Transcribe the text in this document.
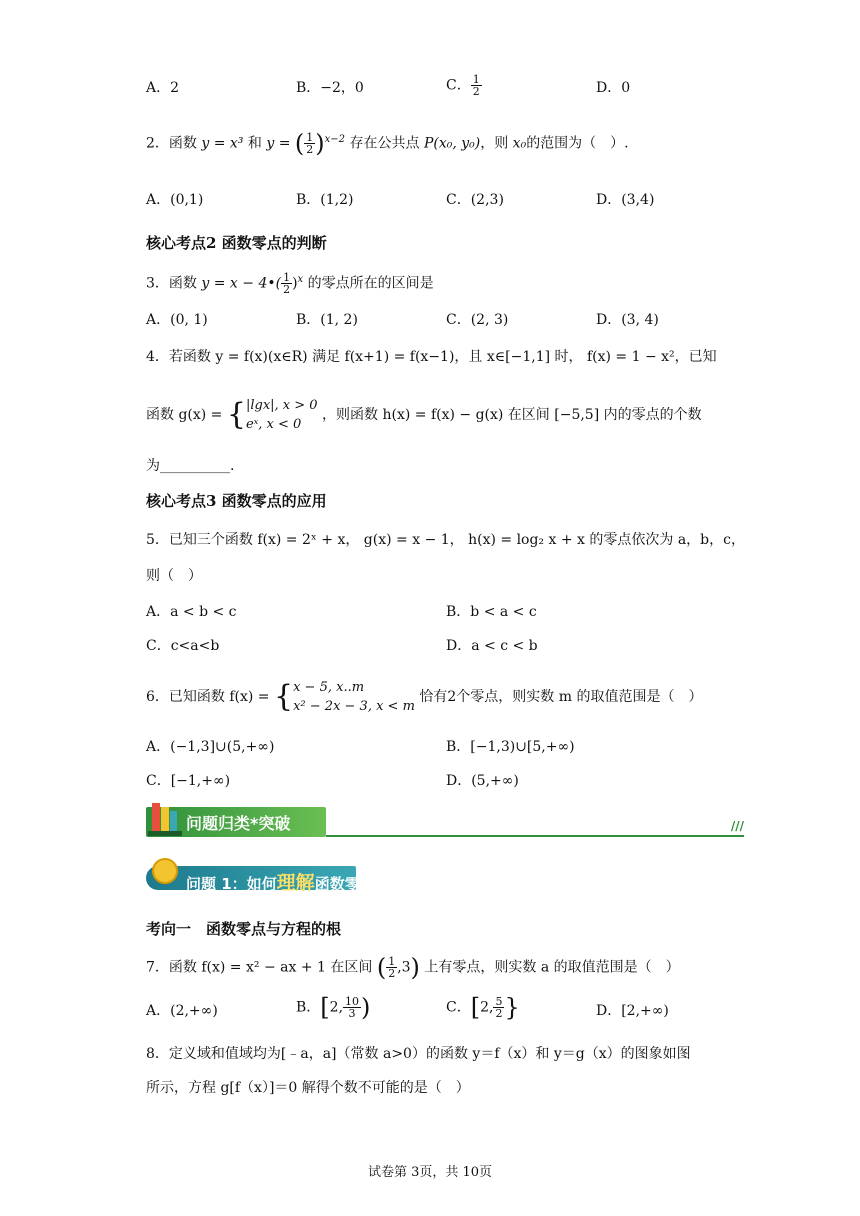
A．2	B．−2，0	C． $\frac{1}{2}$	D．0
2．函数 y = x³ 和 y = ( $\frac{1}{2} )^{x-2}$ 存在公共点 P(x₀, y₀)，则 x₀的范围为（　）.
A．(0,1)	B．(1,2)	C．(2,3)	D．(3,4)
核心考点2 函数零点的判断
3．函数 y = x − 4•( $\frac{1}{2} )^x$ 的零点所在的区间是
A．(0, 1)	B．(1, 2)	C．(2, 3)	D．(3, 4)
4．若函数 y = f(x)(x∈R) 满足 f(x+1) = f(x−1)，且 x∈[−1,1] 时， f(x) = 1 − x²，已知
函数 g(x) = { |lgx|, x > 0
eˣ, x < 0
，则函数 h(x) = f(x) − g(x) 在区间 [−5,5] 内的零点的个数
为__________.
核心考点3 函数零点的应用
5．已知三个函数 f(x) = 2ˣ + x， g(x) = x − 1， h(x) = log₂ x + x 的零点依次为 a，b，c，
则（　）
A．a < b < c	B．b < a < c
C．c<a<b	D．a < c < b
6．已知函数 f(x) = { x − 5, x..m
x² − 2x − 3, x < m
恰有2个零点，则实数 m 的取值范围是（　）
A．(−1,3]∪(5,+∞)	B．[−1,3)∪[5,+∞)
C．[−1,+∞)	D．(5,+∞)
问题归类*突破	///
问题 1：如何理解函数零点?
考向一　函数零点与方程的根
7．函数 f(x) = x² − ax + 1 在区间 ( $\frac{1}{2} ,3$) 上有零点，则实数 a 的取值范围是（　）
A．(2,+∞)	B．[2, $\frac{10}{3}$ )	C．[2, $\frac{5}{2}$ }	D．[2,+∞)
8．定义域和值域均为[﹣a，a]（常数 a>0）的函数 y＝f（x）和 y＝g（x）的图象如图
所示，方程 g[f（x）]＝0 解得个数不可能的是（　）
试卷第 3页，共 10页
